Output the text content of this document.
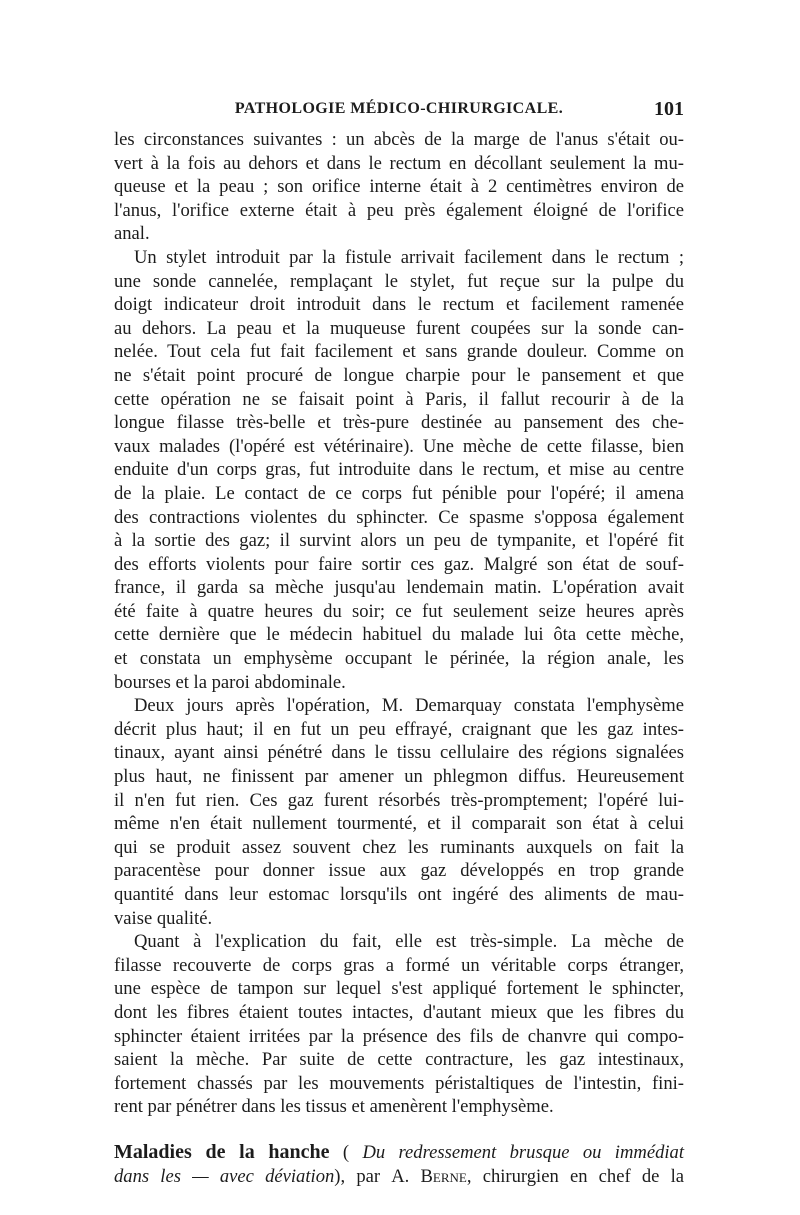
PATHOLOGIE MÉDICO-CHIRURGICALE.	101
les circonstances suivantes : un abcès de la marge de l'anus s'était ou-
vert à la fois au dehors et dans le rectum en décollant seulement la mu-
queuse et la peau ; son orifice interne était à 2 centimètres environ de
l'anus, l'orifice externe était à peu près également éloigné de l'orifice
anal.
Un stylet introduit par la fistule arrivait facilement dans le rectum ;
une sonde cannelée, remplaçant le stylet, fut reçue sur la pulpe du
doigt indicateur droit introduit dans le rectum et facilement ramenée
au dehors. La peau et la muqueuse furent coupées sur la sonde can-
nelée. Tout cela fut fait facilement et sans grande douleur. Comme on
ne s'était point procuré de longue charpie pour le pansement et que
cette opération ne se faisait point à Paris, il fallut recourir à de la
longue filasse très-belle et très-pure destinée au pansement des che-
vaux malades (l'opéré est vétérinaire). Une mèche de cette filasse, bien
enduite d'un corps gras, fut introduite dans le rectum, et mise au centre
de la plaie. Le contact de ce corps fut pénible pour l'opéré; il amena
des contractions violentes du sphincter. Ce spasme s'opposa également
à la sortie des gaz; il survint alors un peu de tympanite, et l'opéré fit
des efforts violents pour faire sortir ces gaz. Malgré son état de souf-
france, il garda sa mèche jusqu'au lendemain matin. L'opération avait
été faite à quatre heures du soir; ce fut seulement seize heures après
cette dernière que le médecin habituel du malade lui ôta cette mèche,
et constata un emphysème occupant le périnée, la région anale, les
bourses et la paroi abdominale.
Deux jours après l'opération, M. Demarquay constata l'emphysème
décrit plus haut; il en fut un peu effrayé, craignant que les gaz intes-
tinaux, ayant ainsi pénétré dans le tissu cellulaire des régions signalées
plus haut, ne finissent par amener un phlegmon diffus. Heureusement
il n'en fut rien. Ces gaz furent résorbés très-promptement; l'opéré lui-
même n'en était nullement tourmenté, et il comparait son état à celui
qui se produit assez souvent chez les ruminants auxquels on fait la
paracentèse pour donner issue aux gaz développés en trop grande
quantité dans leur estomac lorsqu'ils ont ingéré des aliments de mau-
vaise qualité.
Quant à l'explication du fait, elle est très-simple. La mèche de
filasse recouverte de corps gras a formé un véritable corps étranger,
une espèce de tampon sur lequel s'est appliqué fortement le sphincter,
dont les fibres étaient toutes intactes, d'autant mieux que les fibres du
sphincter étaient irritées par la présence des fils de chanvre qui compo-
saient la mèche. Par suite de cette contracture, les gaz intestinaux,
fortement chassés par les mouvements péristaltiques de l'intestin, fini-
rent par pénétrer dans les tissus et amenèrent l'emphysème.
Maladies de la hanche ( Du redressement brusque ou immédiat
dans les — avec déviation), par A. Berne, chirurgien en chef de la
